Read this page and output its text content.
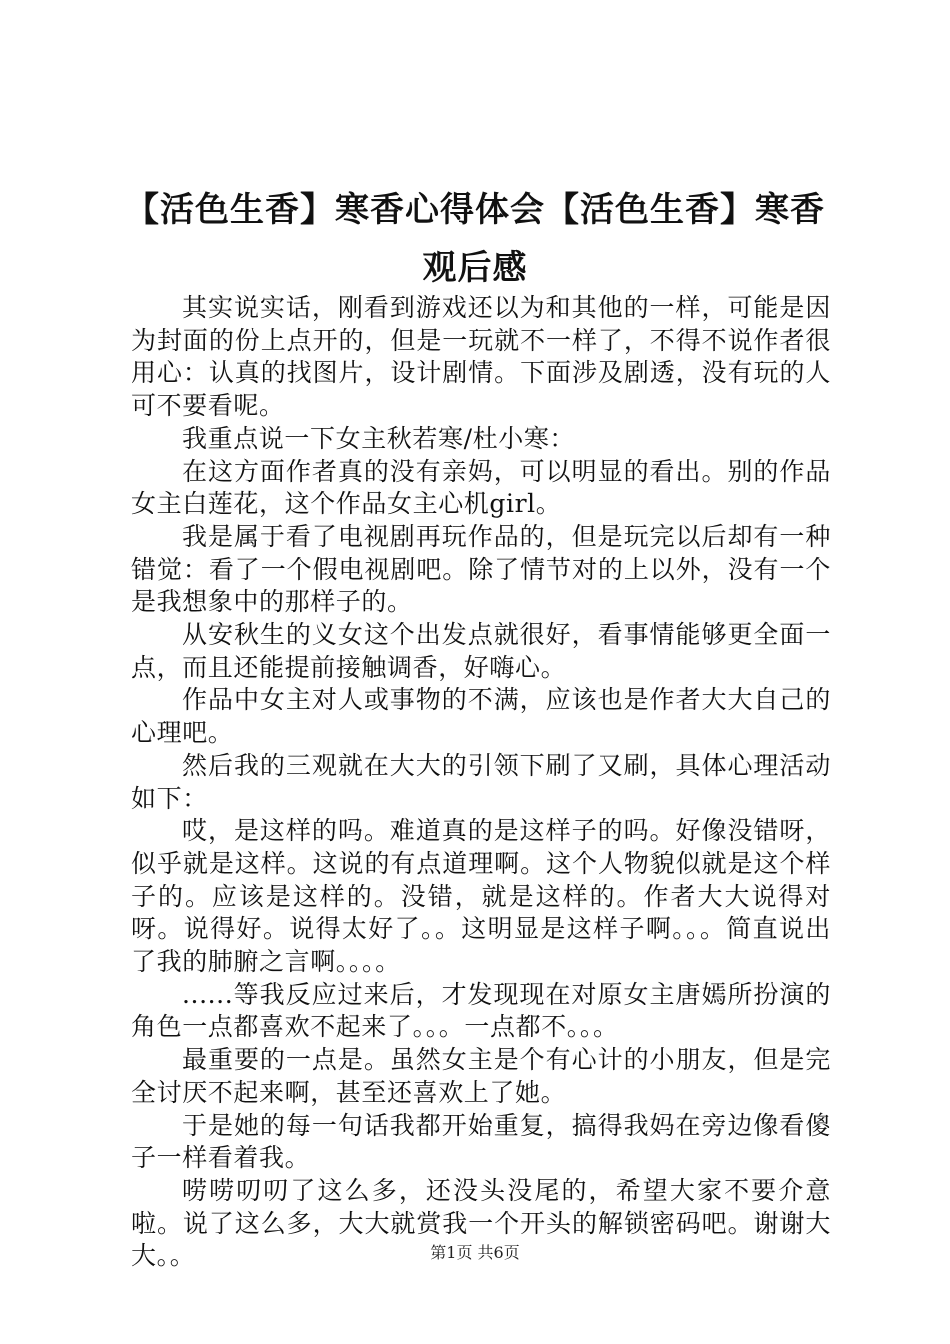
【活色生香】寒香心得体会【活色生香】寒香
观后感

其实说实话，刚看到游戏还以为和其他的一样，可能是因为封面的份上点开的，但是一玩就不一样了，不得不说作者很用心：认真的找图片，设计剧情。下面涉及剧透，没有玩的人可不要看呢。

我重点说一下女主秋若寒/杜小寒：

在这方面作者真的没有亲妈，可以明显的看出。别的作品女主白莲花，这个作品女主心机girl。

我是属于看了电视剧再玩作品的，但是玩完以后却有一种错觉：看了一个假电视剧吧。除了情节对的上以外，没有一个是我想象中的那样子的。

从安秋生的义女这个出发点就很好，看事情能够更全面一点，而且还能提前接触调香，好嗨心。

作品中女主对人或事物的不满，应该也是作者大大自己的心理吧。

然后我的三观就在大大的引领下刷了又刷，具体心理活动如下：

哎，是这样的吗。难道真的是这样子的吗。好像没错呀，似乎就是这样。这说的有点道理啊。这个人物貌似就是这个样子的。应该是这样的。没错，就是这样的。作者大大说得对呀。说得好。说得太好了。。这明显是这样子啊。。。简直说出了我的肺腑之言啊。。。。

......等我反应过来后，才发现现在对原女主唐嫣所扮演的角色一点都喜欢不起来了。。。一点都不。。。

最重要的一点是。虽然女主是个有心计的小朋友，但是完全讨厌不起来啊，甚至还喜欢上了她。

于是她的每一句话我都开始重复，搞得我妈在旁边像看傻子一样看着我。

唠唠叨叨了这么多，还没头没尾的，希望大家不要介意啦。说了这么多，大大就赏我一个开头的解锁密码吧。谢谢大大。。	第1页 共6页
